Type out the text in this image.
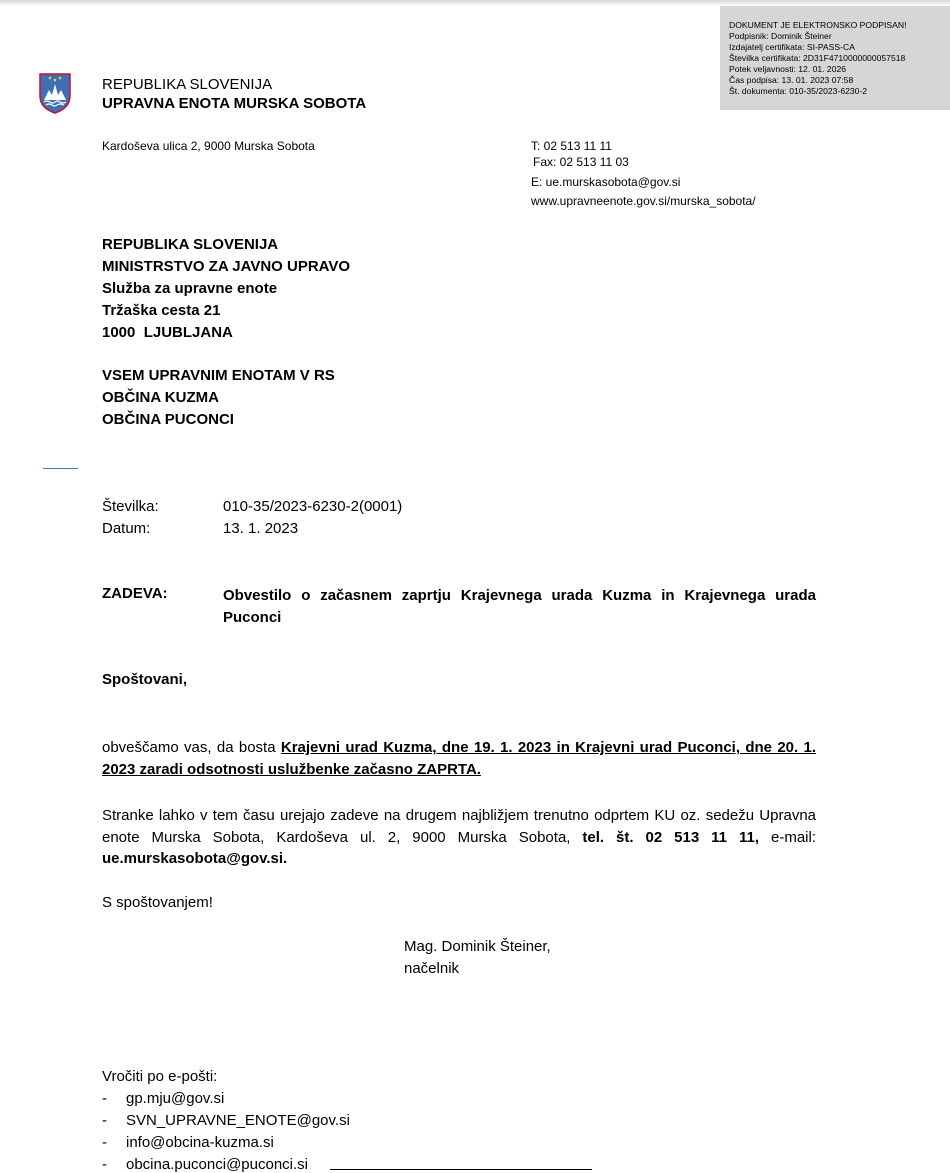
DOKUMENT JE ELEKTRONSKO PODPISAN!
Podpisnik: Dominik Šteiner
Izdajatelj certifikata: SI-PASS-CA
Številka certifikata: 2D31F4710000000057518
Potek veljavnosti: 12. 01. 2026
Čas podpisa: 13. 01. 2023 07:58
Št. dokumenta: 010-35/2023-6230-2
REPUBLIKA SLOVENIJA
UPRAVNA ENOTA MURSKA SOBOTA
Kardoševa ulica 2, 9000 Murska Sobota	T: 02 513 11 11
Fax: 02 513 11 03
E: ue.murskasobota@gov.si
www.upravneenote.gov.si/murska_sobota/
REPUBLIKA SLOVENIJA
MINISTRSTVO ZA JAVNO UPRAVO
Služba za upravne enote
Tržaška cesta 21
1000  LJUBLJANA
VSEM UPRAVNIM ENOTAM V RS
OBČINA KUZMA
OBČINA PUCONCI
Številka:	010-35/2023-6230-2(0001)
Datum:	13. 1. 2023
ZADEVA:	Obvestilo o začasnem zaprtju Krajevnega urada Kuzma in Krajevnega urada Puconci
Spoštovani,
obveščamo vas, da bosta Krajevni urad Kuzma, dne 19. 1. 2023 in Krajevni urad Puconci, dne 20. 1. 2023 zaradi odsotnosti uslužbenke začasno ZAPRTA.
Stranke lahko v tem času urejajo zadeve na drugem najbližjem trenutno odprtem KU oz. sedežu Upravna enote Murska Sobota, Kardoševa ul. 2, 9000 Murska Sobota, tel. št. 02 513 11 11, e-mail: ue.murskasobota@gov.si.
S spoštovanjem!
Mag. Dominik Šteiner,
načelnik
Vročiti po e-pošti:
- gp.mju@gov.si
- SVN_UPRAVNE_ENOTE@gov.si
- info@obcina-kuzma.si
- obcina.puconci@puconci.si
